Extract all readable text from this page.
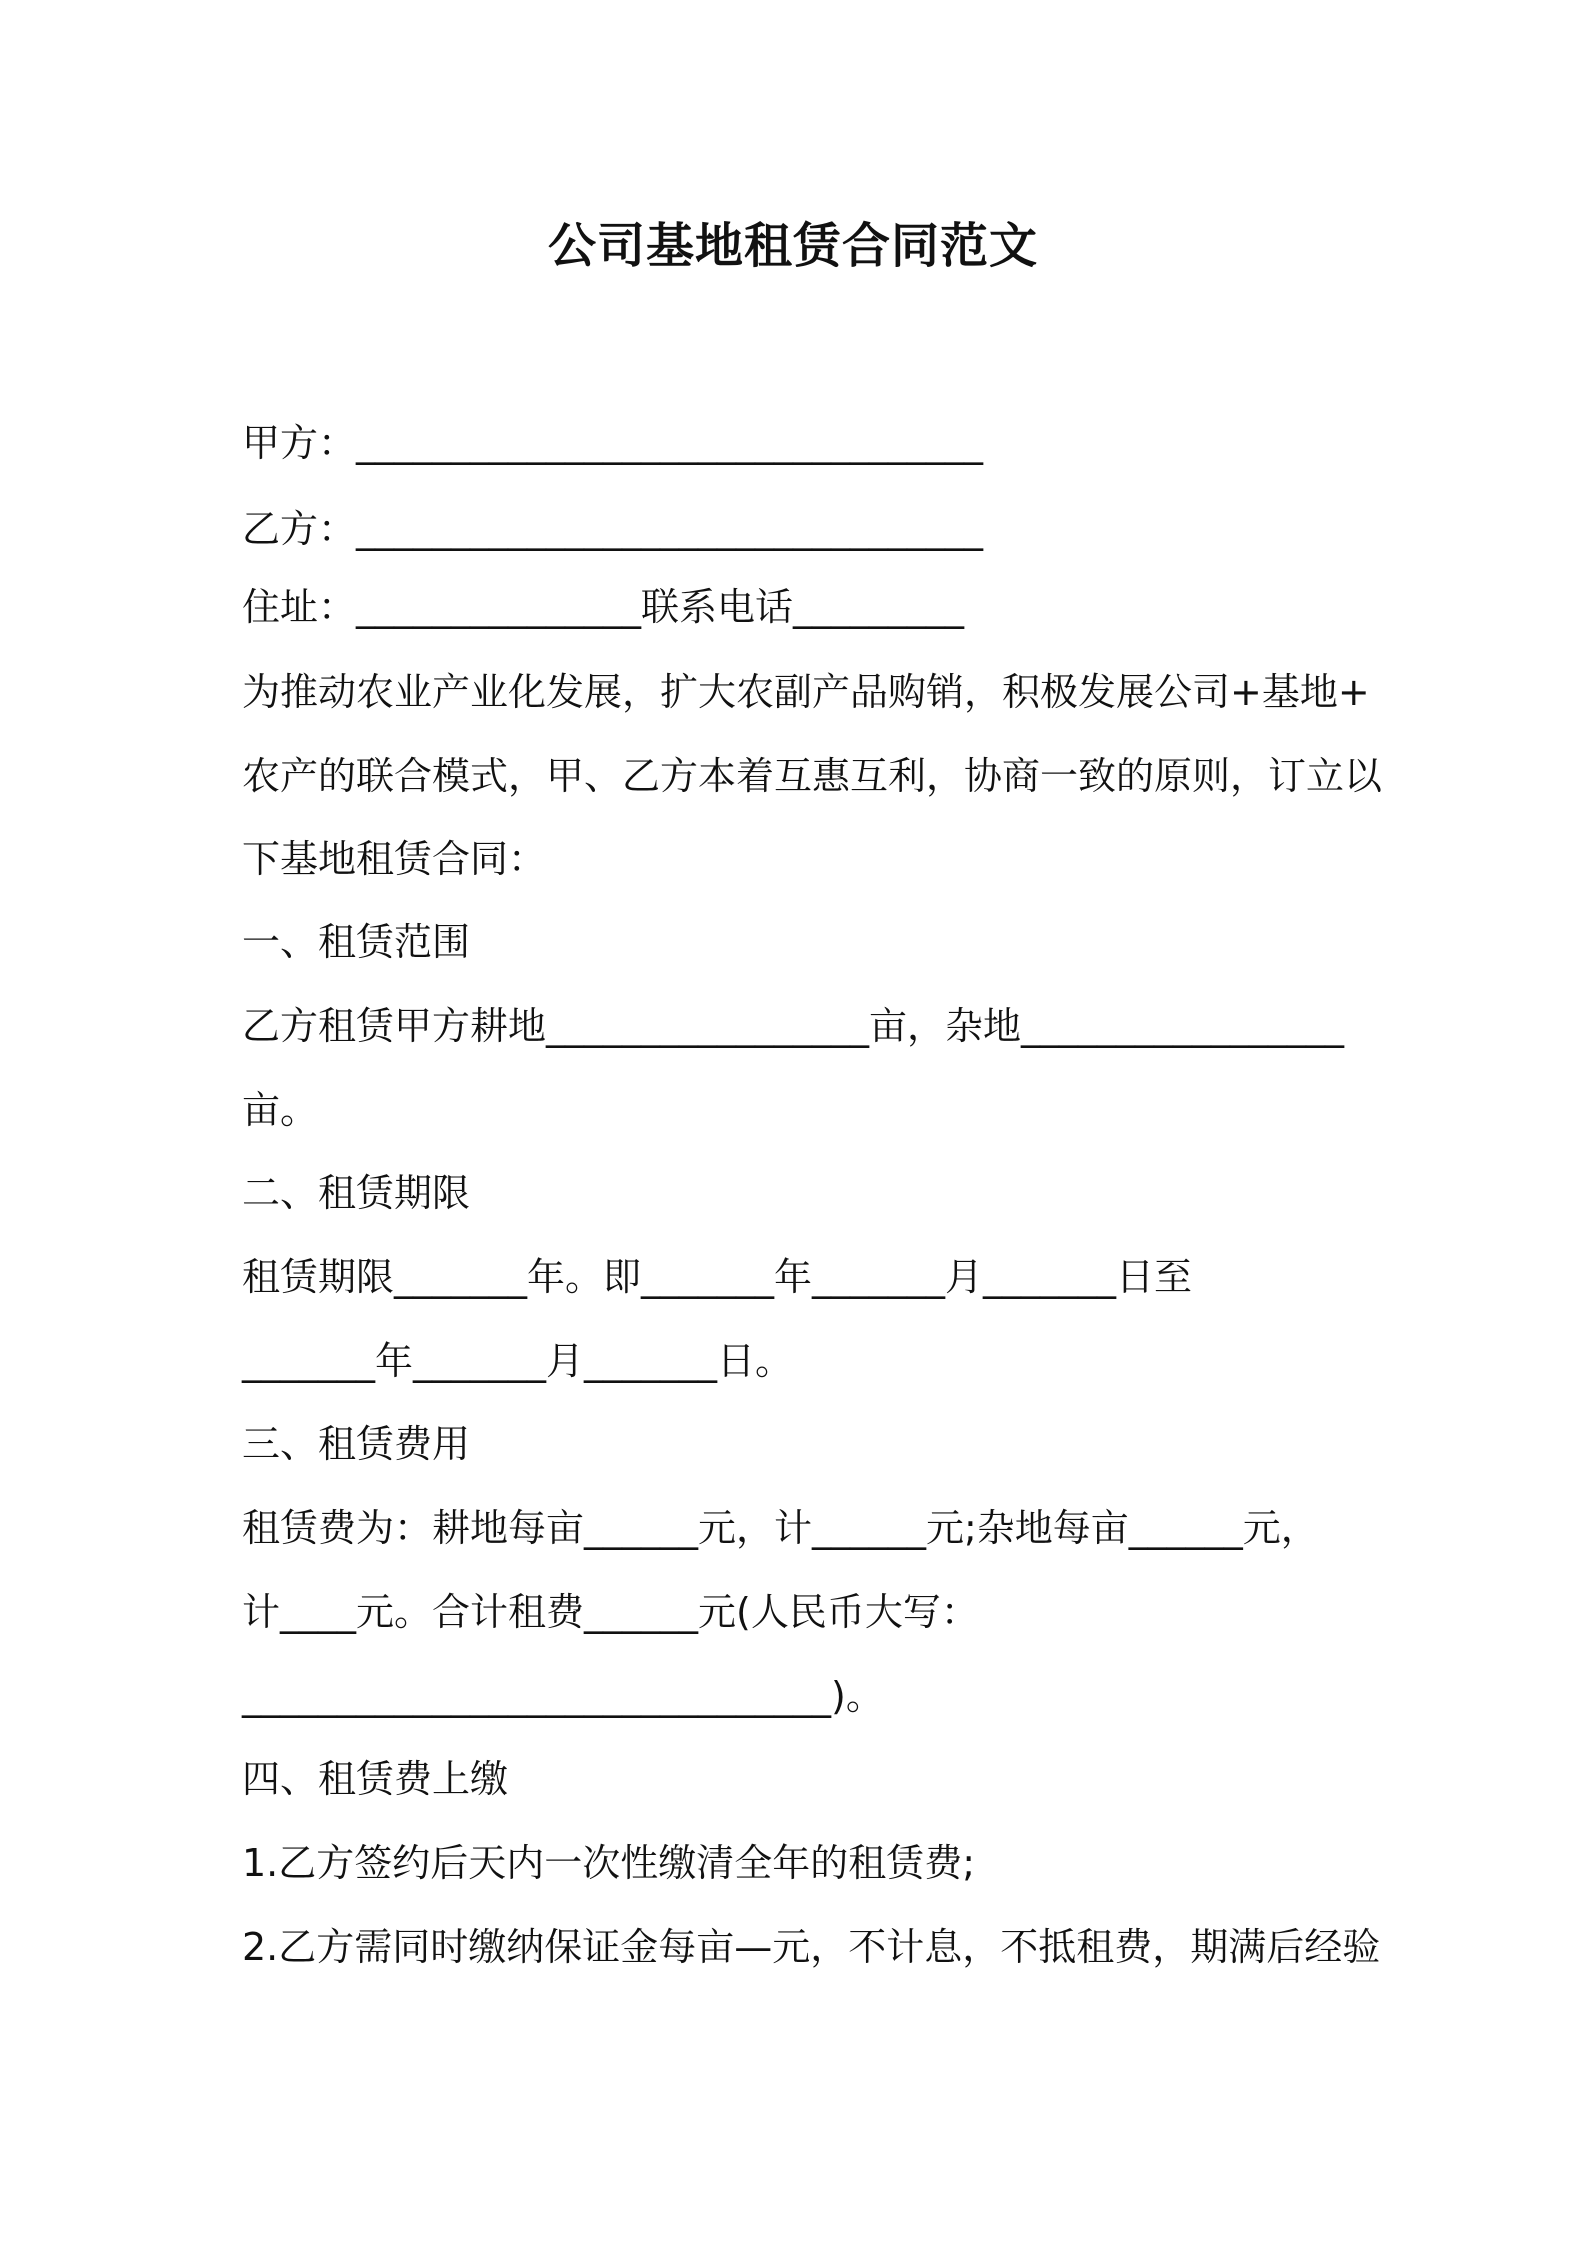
公司基地租赁合同范文
甲方：_________________________________
乙方：_________________________________
住址：_______________联系电话_________
为推动农业产业化发展，扩大农副产品购销，积极发展公司+基地+
农产的联合模式，甲、乙方本着互惠互利，协商一致的原则，订立以
下基地租赁合同：
一、租赁范围
乙方租赁甲方耕地_________________亩，杂地_________________
亩。
二、租赁期限
租赁期限_______年。即_______年_______月_______日至
_______年_______月_______日。
三、租赁费用
租赁费为：耕地每亩______元，计______元;杂地每亩______元，
计____元。合计租费______元(人民币大写：
_______________________________)。
四、租赁费上缴
1.乙方签约后天内一次性缴清全年的租赁费;
2.乙方需同时缴纳保证金每亩—元，不计息，不抵租费，期满后经验
